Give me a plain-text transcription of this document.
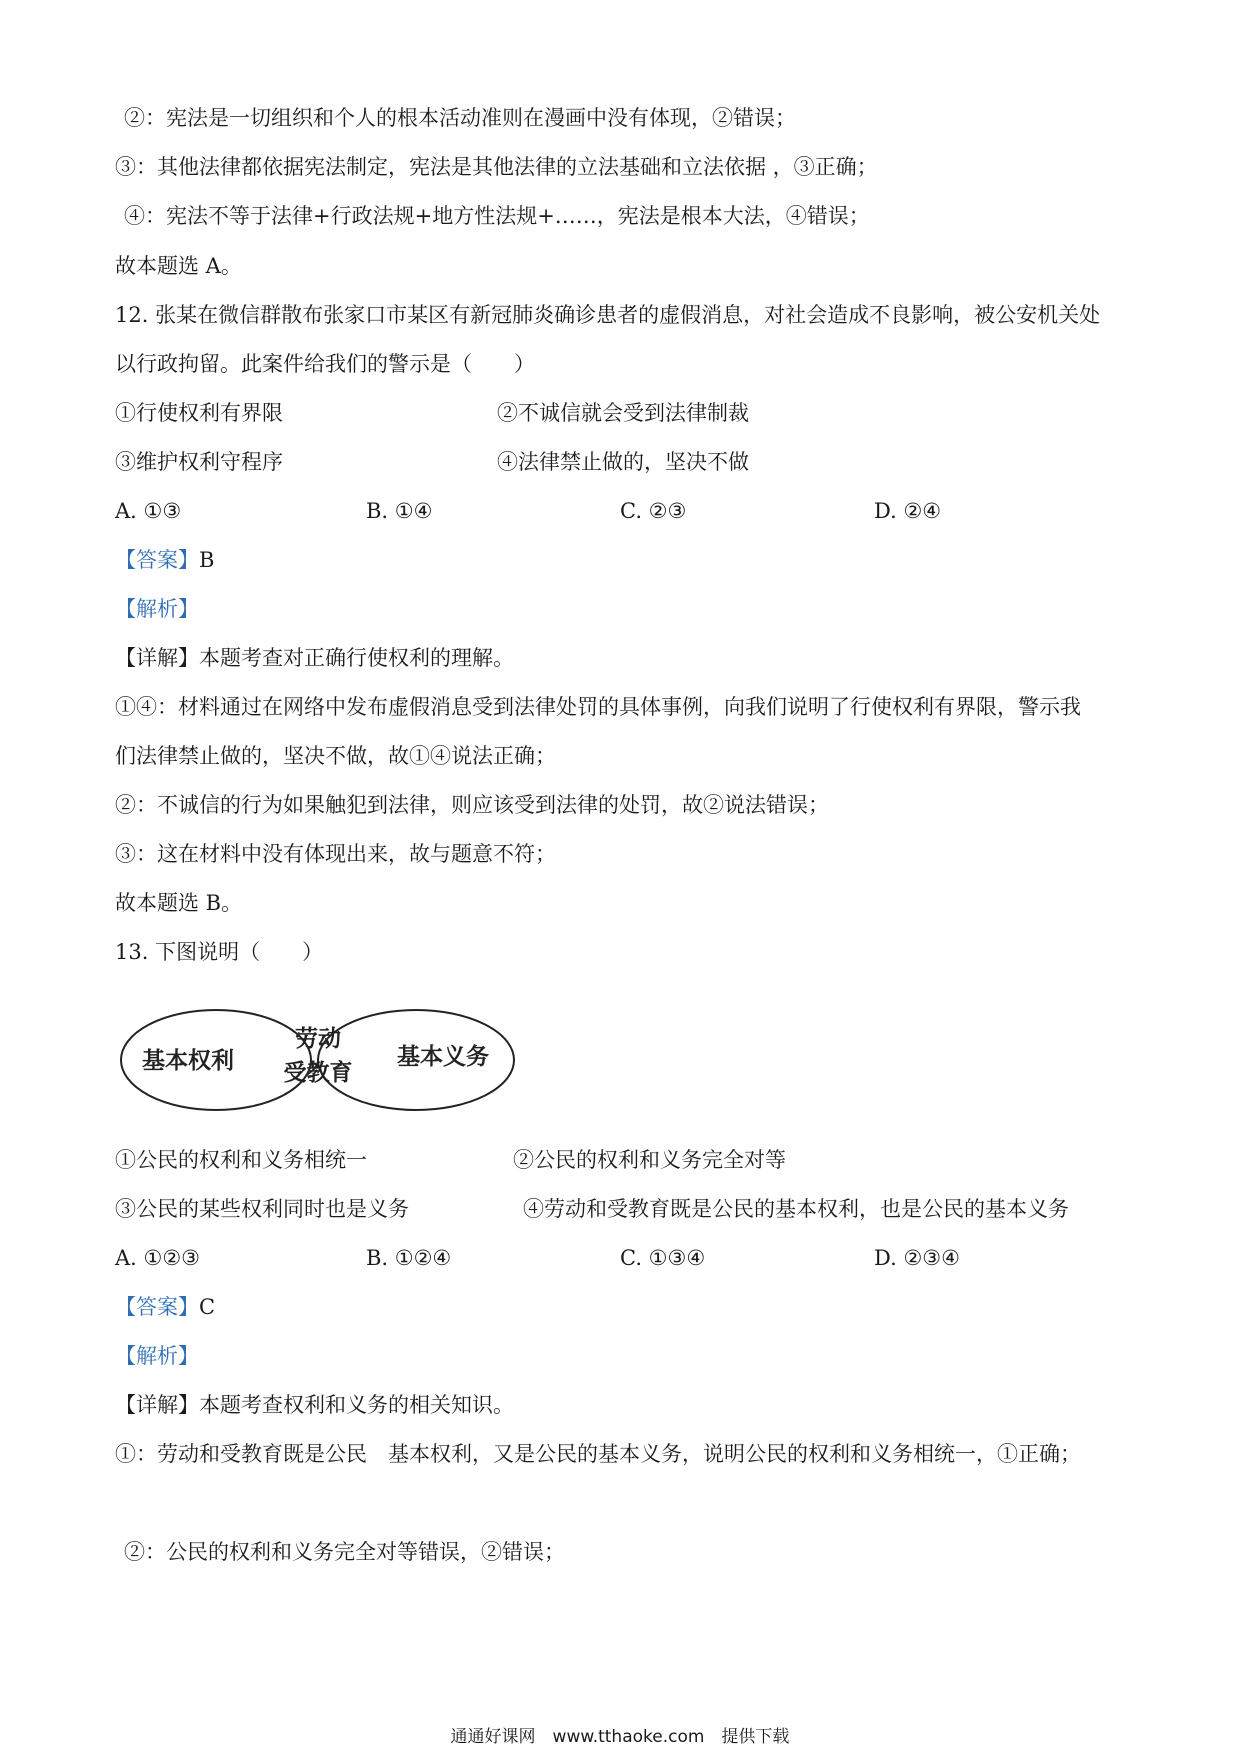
②：宪法是一切组织和个人的根本活动准则在漫画中没有体现，②错误；
③：其他法律都依据宪法制定，宪法是其他法律的立法基础和立法依据 ，③正确；
④：宪法不等于法律+行政法规+地方性法规+……，宪法是根本大法，④错误；
故本题选 A。
12. 张某在微信群散布张家口市某区有新冠肺炎确诊患者的虚假消息，对社会造成不良影响，被公安机关处
以行政拘留。此案件给我们的警示是（　　）
①行使权利有界限	②不诚信就会受到法律制裁
③维护权利守程序	④法律禁止做的，坚决不做
A. ①③	B. ①④	C. ②③	D. ②④
【答案】B
【解析】
【详解】本题考查对正确行使权利的理解。
①④：材料通过在网络中发布虚假消息受到法律处罚的具体事例，向我们说明了行使权利有界限，警示我
们法律禁止做的，坚决不做，故①④说法正确；
②：不诚信的行为如果触犯到法律，则应该受到法律的处罚，故②说法错误；
③：这在材料中没有体现出来，故与题意不符；
故本题选 B。
13. 下图说明（　　）
基本权利
劳动
受教育
基本义务
①公民的权利和义务相统一	②公民的权利和义务完全对等
③公民的某些权利同时也是义务	④劳动和受教育既是公民的基本权利，也是公民的基本义务
A. ①②③	B. ①②④	C. ①③④	D. ②③④
【答案】C
【解析】
【详解】本题考查权利和义务的相关知识。
①：劳动和受教育既是公民　基本权利，又是公民的基本义务，说明公民的权利和义务相统一，①正确；
②：公民的权利和义务完全对等错误，②错误；
通通好课网　www.tthaoke.com　提供下载
